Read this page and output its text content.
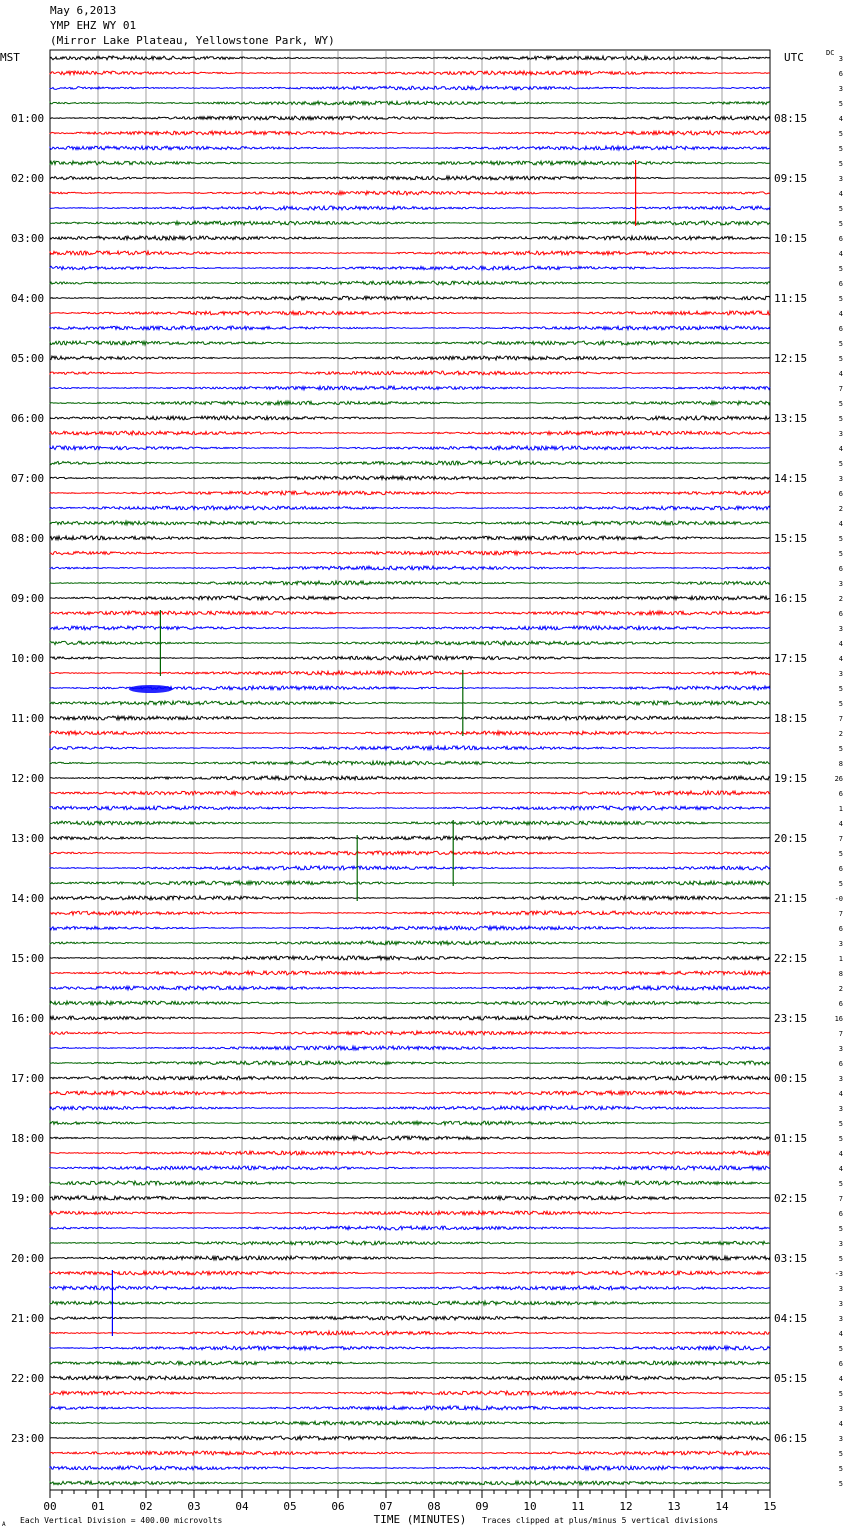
May 6,2013
YMP EHZ WY 01
(Mirror Lake Plateau, Yellowstone Park, WY)
MST	UTC	DC
01:00
02:00
03:00
04:00
05:00
06:00
07:00
08:00
09:00
10:00
11:00
12:00
13:00
14:00
15:00
16:00
17:00
18:00
19:00
20:00
21:00
22:00
23:00
08:15
09:15
10:15
11:15
12:15
13:15
14:15
15:15
16:15
17:15
18:15
19:15
20:15
21:15
22:15
23:15
00:15
01:15
02:15
03:15
04:15
05:15
06:15
3
6
3
5
4
5
5
5
3
4
5
5
6
4
5
6
5
4
6
5
5
4
7
5
5
3
4
5
3
6
2
4
5
5
6
3
2
6
3
4
4
3
5
5
7
2
5
8
26
6
1
4
7
5
6
5
-0
7
6
3
1
8
2
6
16
7
3
6
3
4
3
5
5
4
4
5
7
6
5
3
5
-3
3
3
3
4
5
6
4
5
3
4
3
5
5
5
00	01	02	03	04	05	06	07	08	09	10	11	12	13	14	15
TIME (MINUTES)
Each Vertical Division = 400.00 microvolts	Traces clipped at plus/minus 5 vertical divisions
A
